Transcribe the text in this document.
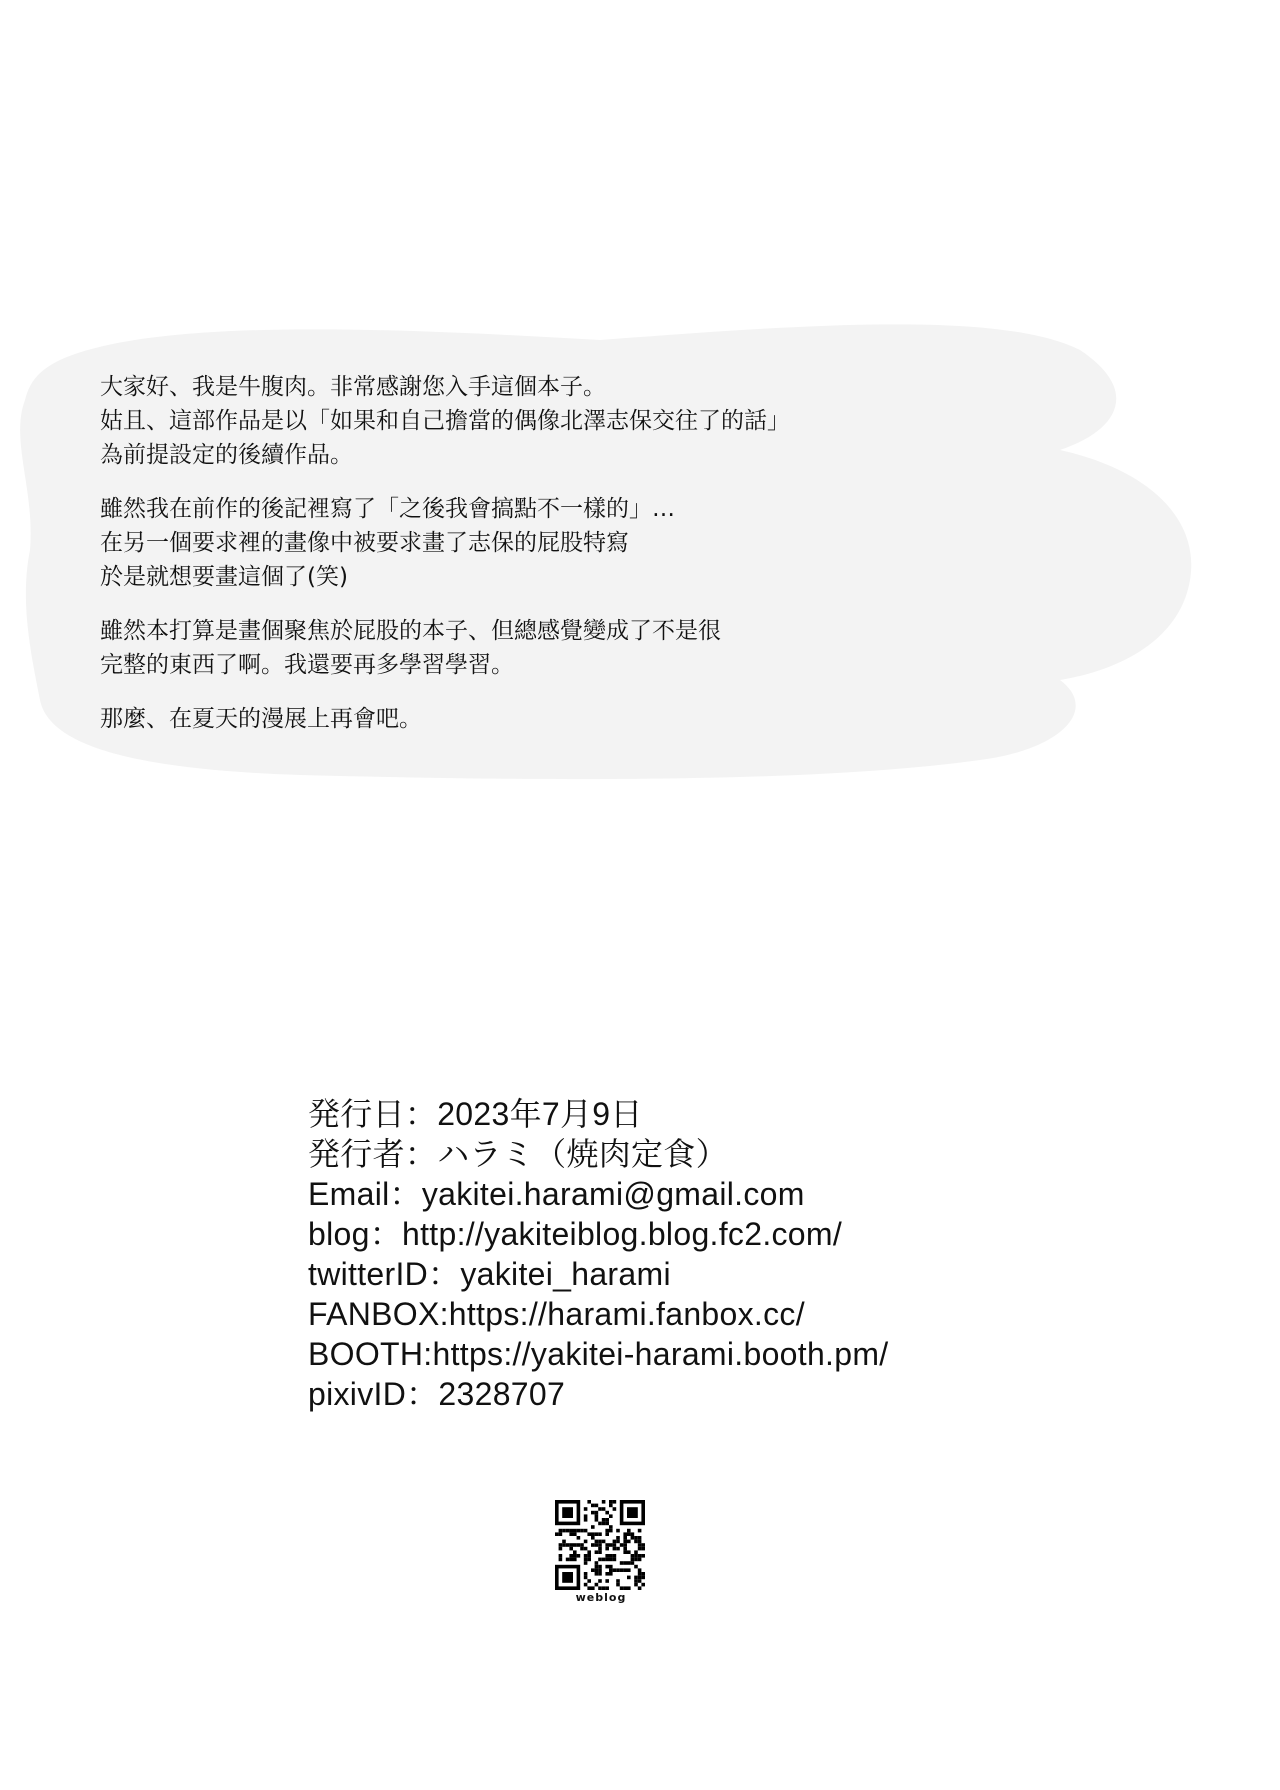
大家好、我是牛腹肉。非常感謝您入手這個本子。
姑且、這部作品是以「如果和自己擔當的偶像北澤志保交往了的話」
為前提設定的後續作品。
雖然我在前作的後記裡寫了「之後我會搞點不一樣的」…
在另一個要求裡的畫像中被要求畫了志保的屁股特寫
於是就想要畫這個了(笑)
雖然本打算是畫個聚焦於屁股的本子、但總感覺變成了不是很
完整的東西了啊。我還要再多學習學習。
那麼、在夏天的漫展上再會吧。
発行日：2023年7月9日
発行者：ハラミ（焼肉定食）
Email：yakitei.harami@gmail.com
blog：http://yakiteiblog.blog.fc2.com/
twitterID：yakitei_harami
FANBOX:https://harami.fanbox.cc/
BOOTH:https://yakitei-harami.booth.pm/
pixivID：2328707
weblog
